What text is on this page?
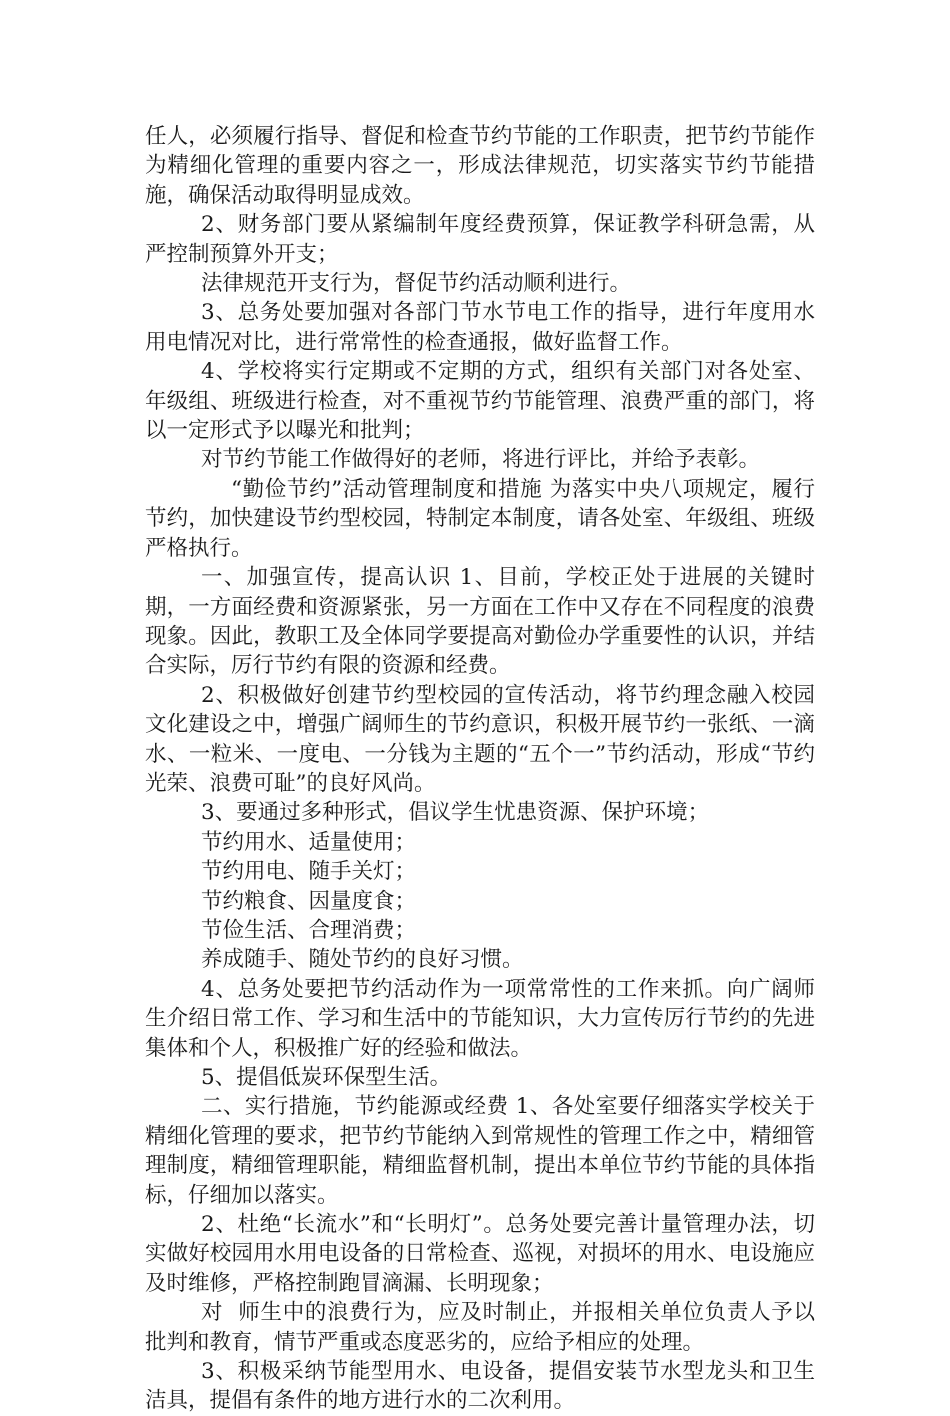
任人，必须履行指导、督促和检查节约节能的工作职责，把节约节能作为精细化管理的重要内容之一，形成法律规范，切实落实节约节能措施，确保活动取得明显成效。

2、财务部门要从紧编制年度经费预算，保证教学科研急需，从严控制预算外开支；

法律规范开支行为，督促节约活动顺利进行。

3、总务处要加强对各部门节水节电工作的指导，进行年度用水用电情况对比，进行常常性的检查通报，做好监督工作。

4、学校将实行定期或不定期的方式，组织有关部门对各处室、年级组、班级进行检查，对不重视节约节能管理、浪费严重的部门，将以一定形式予以曝光和批判；

对节约节能工作做得好的老师，将进行评比，并给予表彰。

“勤俭节约”活动管理制度和措施 为落实中央八项规定，履行节约，加快建设节约型校园，特制定本制度，请各处室、年级组、班级严格执行。

一、加强宣传，提高认识 1、目前，学校正处于进展的关键时期，一方面经费和资源紧张，另一方面在工作中又存在不同程度的浪费现象。因此，教职工及全体同学要提高对勤俭办学重要性的认识，并结合实际，厉行节约有限的资源和经费。

2、积极做好创建节约型校园的宣传活动，将节约理念融入校园文化建设之中，增强广阔师生的节约意识，积极开展节约一张纸、一滴水、一粒米、一度电、一分钱为主题的“五个一”节约活动，形成“节约光荣、浪费可耻”的良好风尚。

3、要通过多种形式，倡议学生忧患资源、保护环境；

节约用水、适量使用；

节约用电、随手关灯；

节约粮食、因量度食；

节俭生活、合理消费；

养成随手、随处节约的良好习惯。

4、总务处要把节约活动作为一项常常性的工作来抓。向广阔师生介绍日常工作、学习和生活中的节能知识，大力宣传厉行节约的先进集体和个人，积极推广好的经验和做法。

5、提倡低炭环保型生活。

二、实行措施，节约能源或经费 1、各处室要仔细落实学校关于精细化管理的要求，把节约节能纳入到常规性的管理工作之中，精细管理制度，精细管理职能，精细监督机制，提出本单位节约节能的具体指标，仔细加以落实。

2、杜绝“长流水”和“长明灯”。总务处要完善计量管理办法，切实做好校园用水用电设备的日常检查、巡视，对损坏的用水、电设施应及时维修，严格控制跑冒滴漏、长明现象；

对  师生中的浪费行为，应及时制止，并报相关单位负责人予以批判和教育，情节严重或态度恶劣的，应给予相应的处理。

3、积极采纳节能型用水、电设备，提倡安装节水型龙头和卫生洁具，提倡有条件的地方进行水的二次利用。
